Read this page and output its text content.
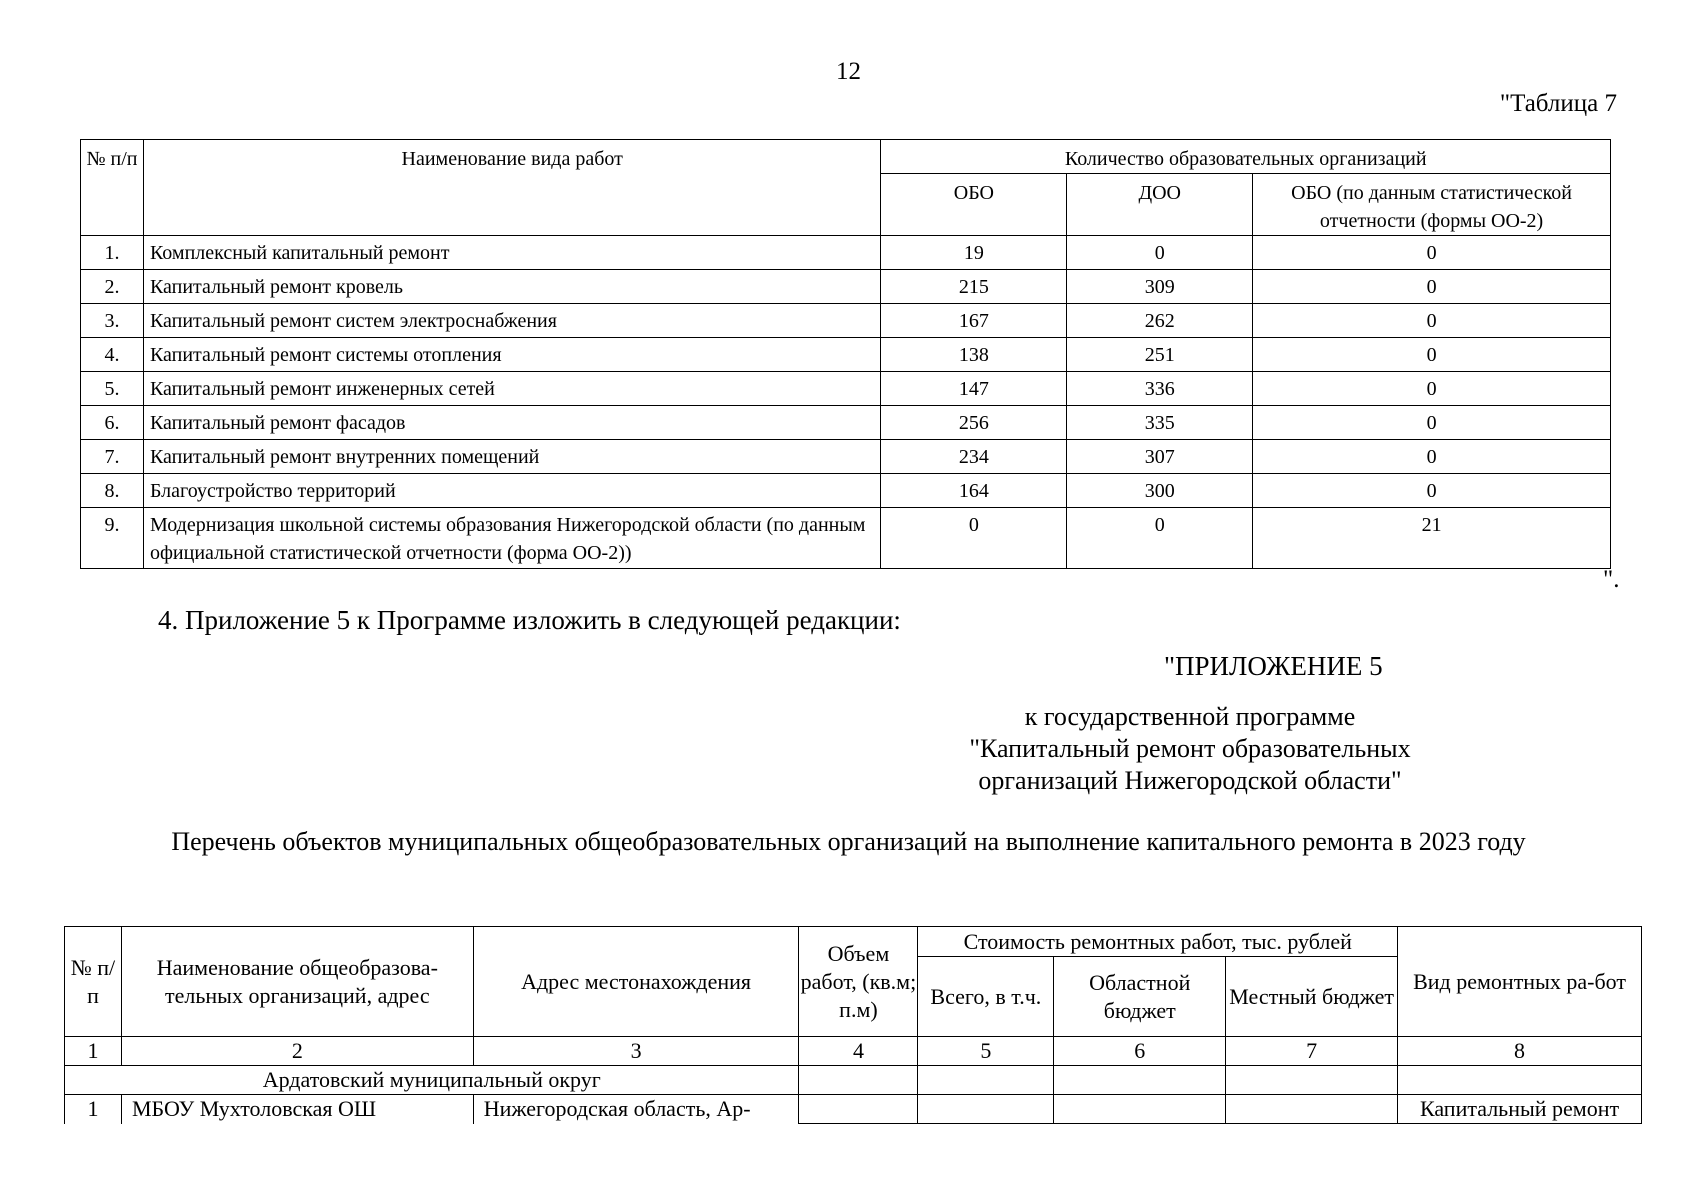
12
"Таблица 7
№ п/п	Наименование вида работ	Количество образовательных организаций		
		ОБО	ДОО	ОБО (по данным статистической отчетности (формы ОО-2)
1.	Комплексный капитальный ремонт	19	0	0
2.	Капитальный ремонт кровель	215	309	0
3.	Капитальный ремонт систем электроснабжения	167	262	0
4.	Капитальный ремонт системы отопления	138	251	0
5.	Капитальный ремонт инженерных сетей	147	336	0
6.	Капитальный ремонт фасадов	256	335	0
7.	Капитальный ремонт внутренних помещений	234	307	0
8.	Благоустройство территорий	164	300	0
9.	Модернизация школьной системы образования Нижегородской области (по данным официальной статистической отчетности (форма ОО-2))	0	0	21
".
4. Приложение 5 к Программе изложить в следующей редакции:
"ПРИЛОЖЕНИЕ 5
к государственной программе "Капитальный ремонт образовательных организаций Нижегородской области"
Перечень объектов муниципальных общеобразовательных организаций на выполнение капитального ремонта в 2023 году
№ п/п	Наименование общеобразова-тельных организаций, адрес	Адрес местонахождения	Объем работ, (кв.м; п.м)	Стоимость ремонтных работ, тыс. рублей			Вид ремонтных ра-бот
				Всего, в т.ч.	Областной бюджет	Местный бюджет	
1	2	3	4	5	6	7	8
Ардатовский муниципальный округ							
1	МБОУ Мухтоловская ОШ	Нижегородская область, Ар-					Капитальный ремонт
